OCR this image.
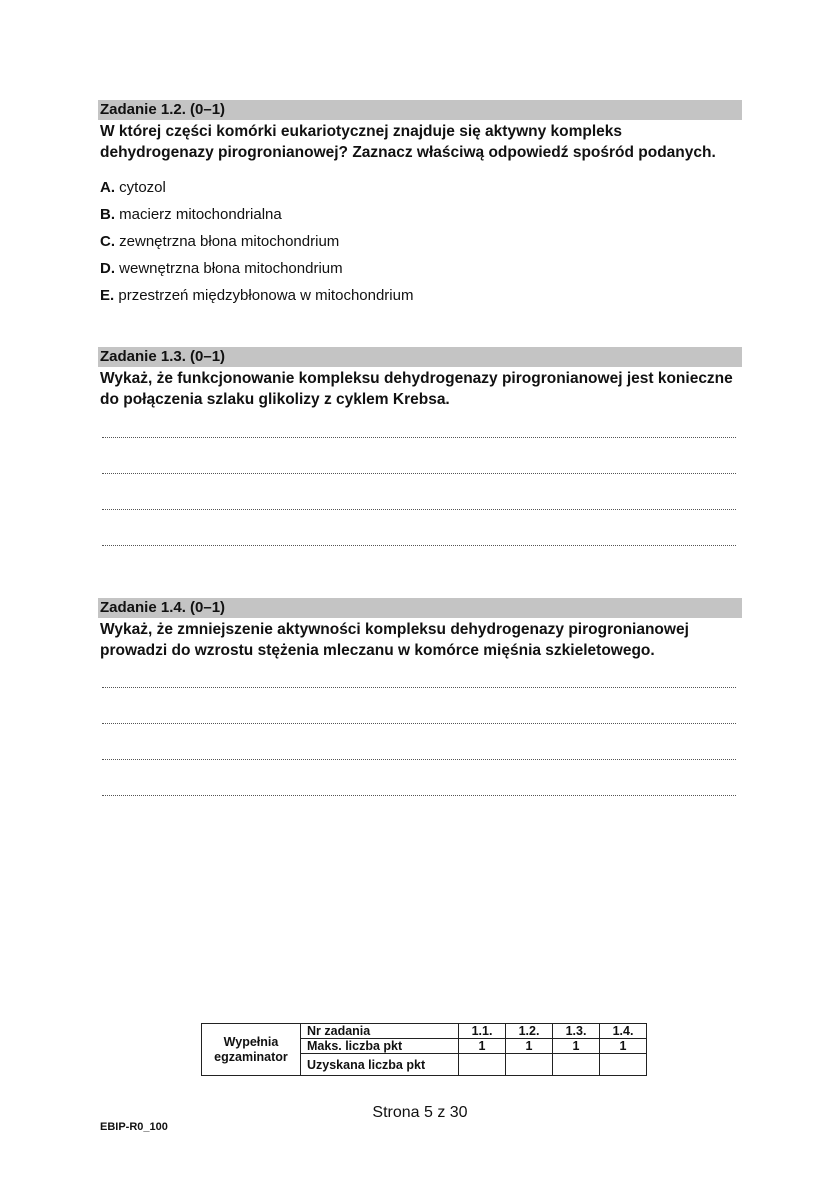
Zadanie 1.2. (0–1)
W której części komórki eukariotycznej znajduje się aktywny kompleks
dehydrogenazy pirogronianowej? Zaznacz właściwą odpowiedź spośród podanych.
A. cytozol
B. macierz mitochondrialna
C. zewnętrzna błona mitochondrium
D. wewnętrzna błona mitochondrium
E. przestrzeń międzybłonowa w mitochondrium
Zadanie 1.3. (0–1)
Wykaż, że funkcjonowanie kompleksu dehydrogenazy pirogronianowej jest konieczne
do połączenia szlaku glikolizy z cyklem Krebsa.
Zadanie 1.4. (0–1)
Wykaż, że zmniejszenie aktywności kompleksu dehydrogenazy pirogronianowej
prowadzi do wzrostu stężenia mleczanu w komórce mięśnia szkieletowego.
Wypełnia
egzaminator	Nr zadania	1.1.	1.2.	1.3.	1.4.
	Maks. liczba pkt	1	1	1	1
	Uzyskana liczba pkt				
Strona 5 z 30
EBIP-R0_100
